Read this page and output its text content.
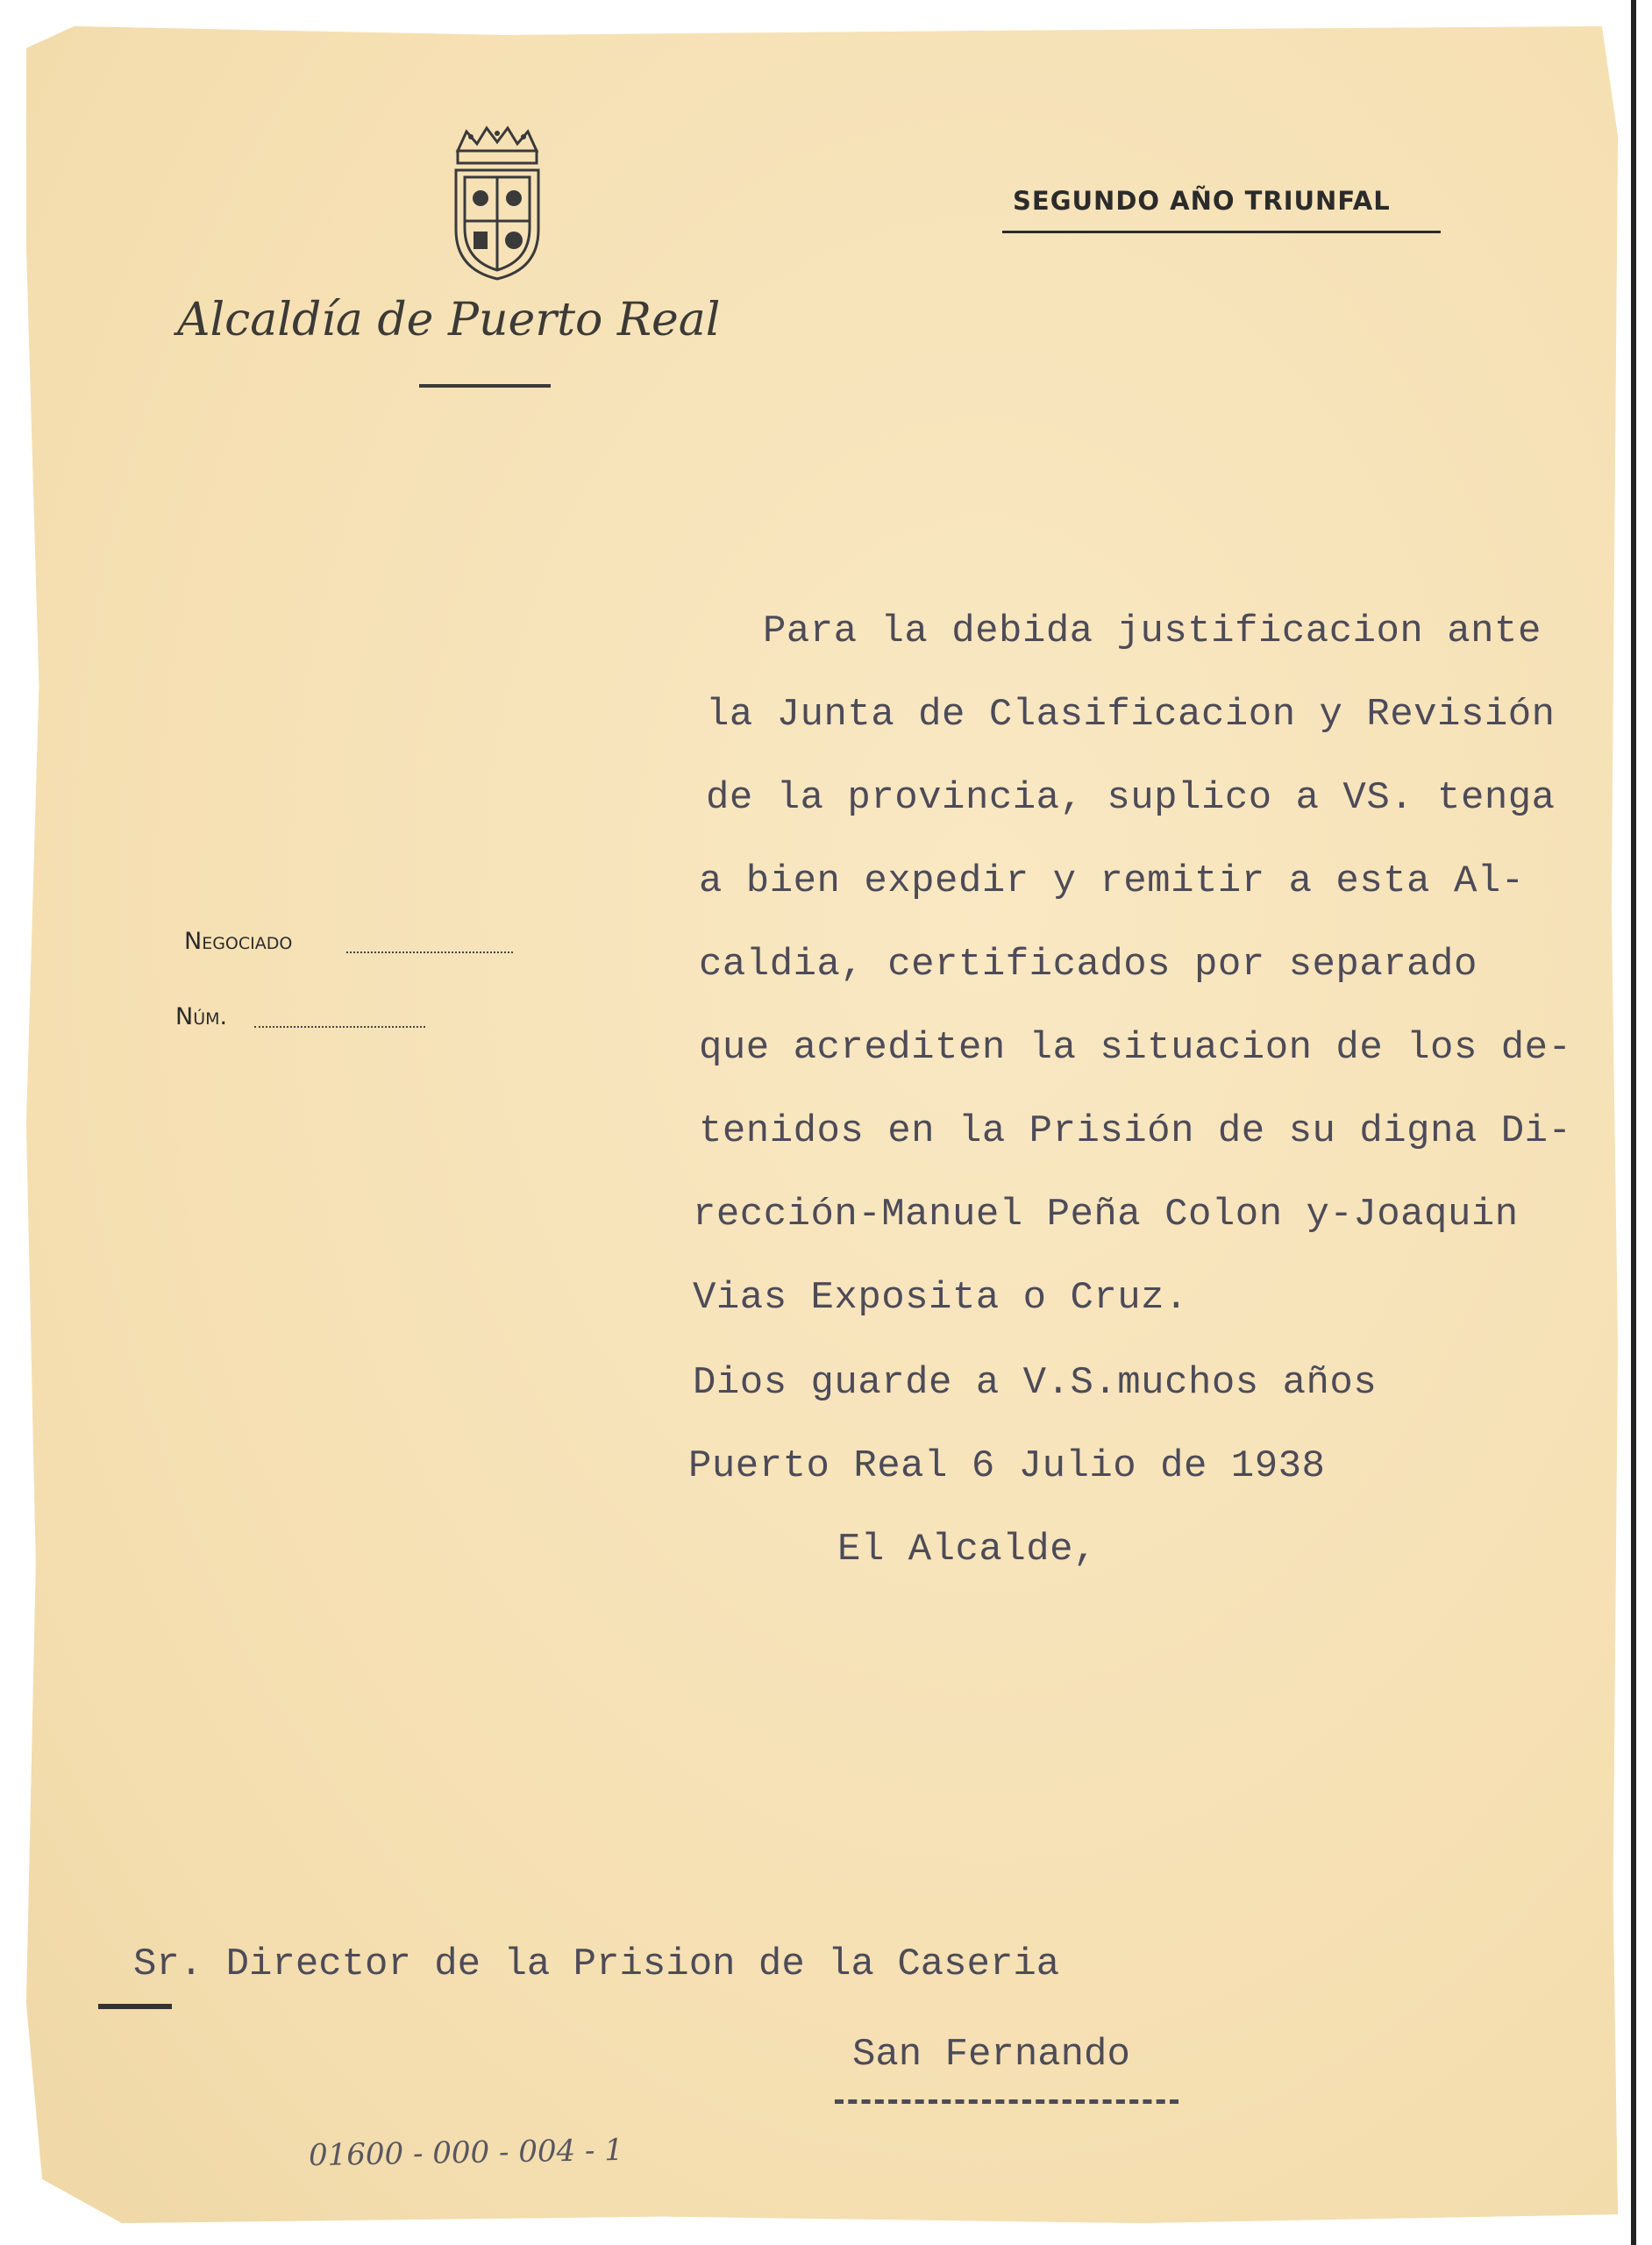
Alcaldía de Puerto Real
SEGUNDO AÑO TRIUNFAL
Negociado
Núm.
Para la debida justificacion ante
la Junta de Clasificacion y Revisión
de la provincia, suplico a VS. tenga
a bien expedir y remitir a esta Al-
caldia, certificados por separado
que acrediten la situacion de los de-
tenidos en la Prisión de su digna Di-
rección-Manuel Peña Colon y-Joaquin
Vias Exposita o Cruz.
Dios guarde a V.S.muchos años
Puerto Real 6 Julio de 1938
El Alcalde,
Sr. Director de la Prision de la Caseria
San Fernando
01600 - 000 - 004 - 1
